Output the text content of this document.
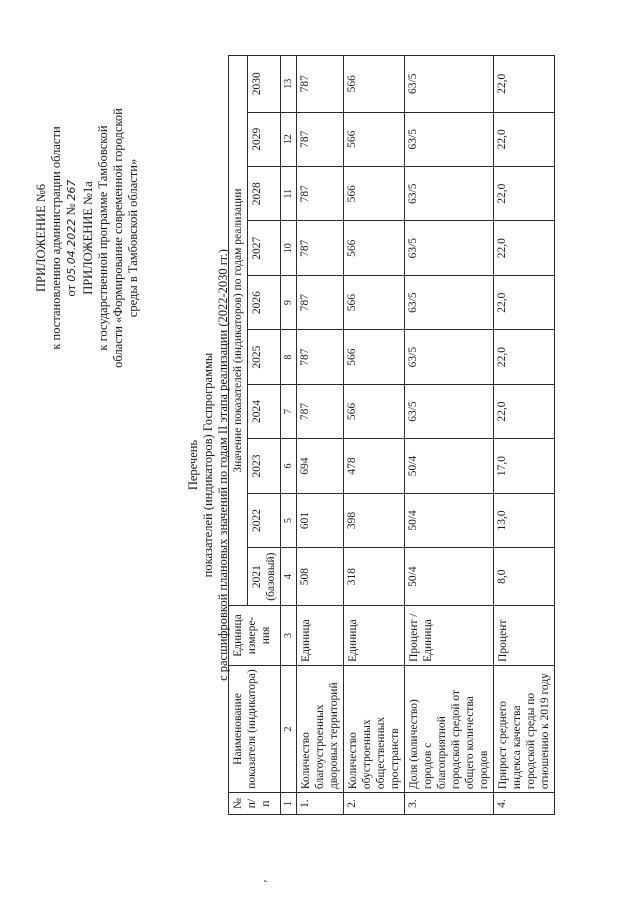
ПРИЛОЖЕНИЕ №6 к постановлению администрации области от 05.04.2022 № 267 ПРИЛОЖЕНИЕ №1а к государственной программе Тамбовской области «Формирование современной городской среды в Тамбовской области»
Перечень показателей (индикаторов) Госпрограммы с расшифровкой плановых значений по годам II этапа реализации (2022-2030 гг.)
№ п/п	Наименование показателя (индикатора)	Единица измере-ния	Значение показателей (индикаторов) по годам реализации									
			2021 (базовый)	2022	2023	2024	2025	2026	2027	2028	2029	2030
1	2	3	4	5	6	7	8	9	10	11	12	13
1.	Количество благоустроенных дворовых территорий	Единица	508	601	694	787	787	787	787	787	787	787
2.	Количество обустроенных общественных пространств	Единица	318	398	478	566	566	566	566	566	566	566
3.	Доля (количество) городов с благоприятной городской средой от общего количества городов	Процент / Единица	50/4	50/4	50/4	63/5	63/5	63/5	63/5	63/5	63/5	63/5
4.	Прирост среднего индекса качества городской среды по отношению к 2019 году	Процент	8,0	13,0	17,0	22,0	22,0	22,0	22,0	22,0	22,0	22,0
’
